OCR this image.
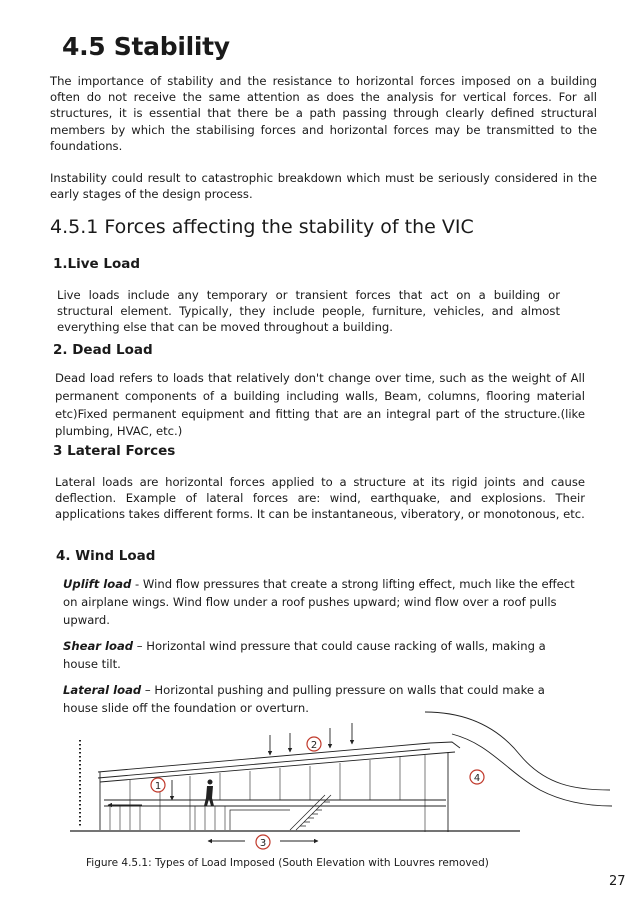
4.5 Stability
The importance of stability and the resistance to horizontal forces imposed on a building often do not receive the same attention as does the analysis for vertical forces. For all structures, it is essential that there be a path passing through clearly defined structural members by which the stabilising forces and horizontal forces may be transmitted to the foundations.
Instability could result to catastrophic breakdown which must be seriously considered in the early stages of the design process.
4.5.1 Forces affecting the stability of the VIC
1.Live Load
Live loads include any temporary or transient forces that act on a building or structural element. Typically, they include people, furniture, vehicles, and almost everything else that can be moved throughout a building.
2. Dead Load
Dead load refers to loads that relatively don't change over time, such as the weight of All permanent components of a building including walls, Beam, columns, flooring material etc)Fixed permanent equipment and fitting that are an integral part of the structure.(like plumbing, HVAC, etc.)
3 Lateral Forces
Lateral loads are horizontal forces applied to a structure at its rigid joints and cause deflection. Example of lateral forces are: wind, earthquake, and explosions. Their applications takes different forms. It can be instantaneous, viberatory, or monotonous, etc.
4. Wind Load
Uplift load - Wind flow pressures that create a strong lifting effect, much like the effect on airplane wings. Wind flow under a roof pushes upward; wind flow over a roof pulls upward.
Shear load – Horizontal wind pressure that could cause racking of walls, making a house tilt.
Lateral load – Horizontal pushing and pulling pressure on walls that could make a house slide off the foundation or overturn.
1
2
3
4
Figure 4.5.1: Types of Load Imposed (South Elevation with Louvres removed)
27
